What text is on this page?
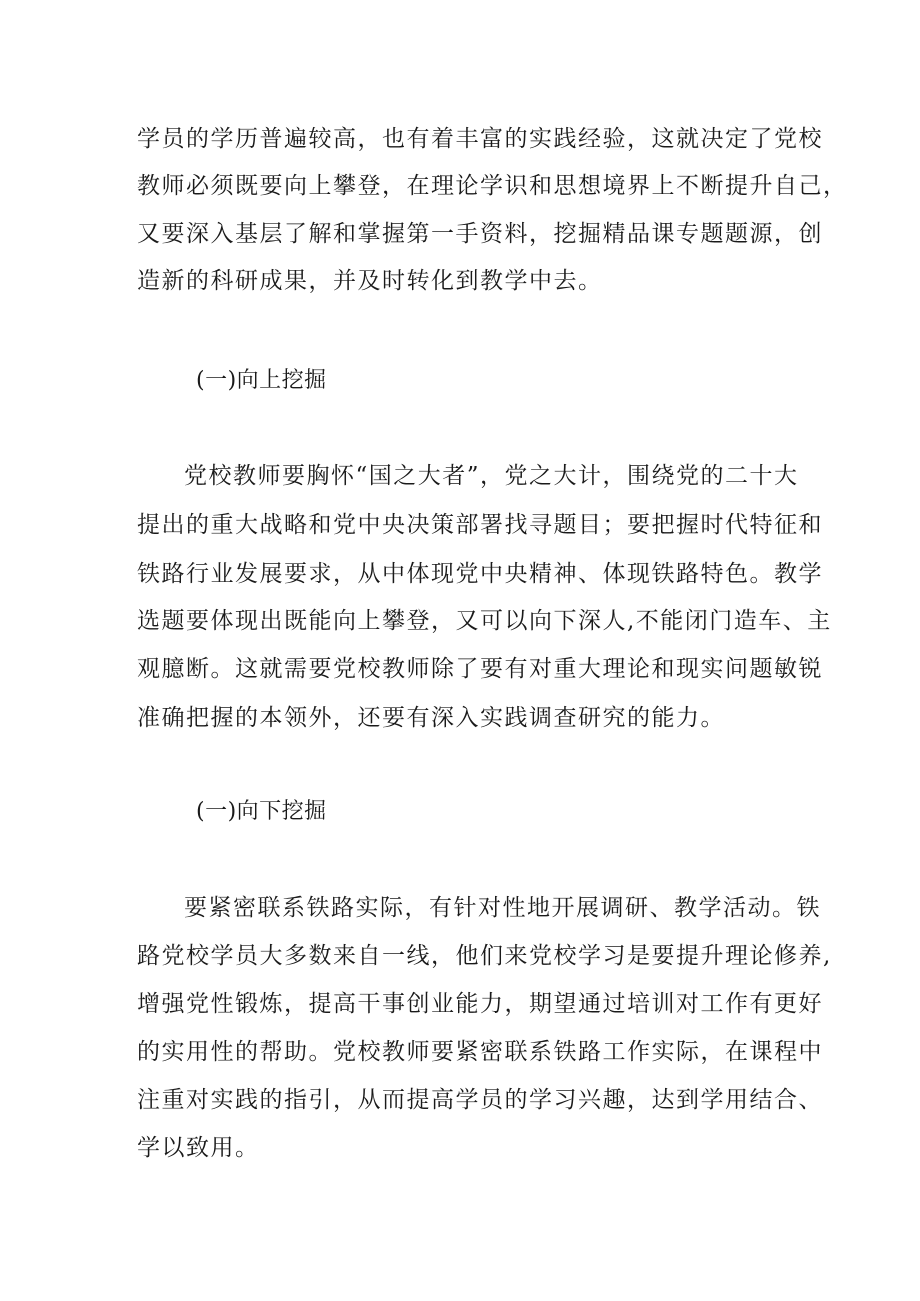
学员的学历普遍较高，也有着丰富的实践经验，这就决定了党校
教师必须既要向上攀登，在理论学识和思想境界上不断提升自己，
又要深入基层了解和掌握第一手资料，挖掘精品课专题题源，创
造新的科研成果，并及时转化到教学中去。
(一)向上挖掘
党校教师要胸怀“国之大者”，党之大计，围绕党的二十大
提出的重大战略和党中央决策部署找寻题目；要把握时代特征和
铁路行业发展要求，从中体现党中央精神、体现铁路特色。教学
选题要体现出既能向上攀登，又可以向下深人,不能闭门造车、主
观臆断。这就需要党校教师除了要有对重大理论和现实问题敏锐
准确把握的本领外，还要有深入实践调查研究的能力。
(一)向下挖掘
要紧密联系铁路实际，有针对性地开展调研、教学活动。铁
路党校学员大多数来自一线，他们来党校学习是要提升理论修养,
增强党性锻炼，提高干事创业能力，期望通过培训对工作有更好
的实用性的帮助。党校教师要紧密联系铁路工作实际，在课程中
注重对实践的指引，从而提高学员的学习兴趣，达到学用结合、
学以致用。
